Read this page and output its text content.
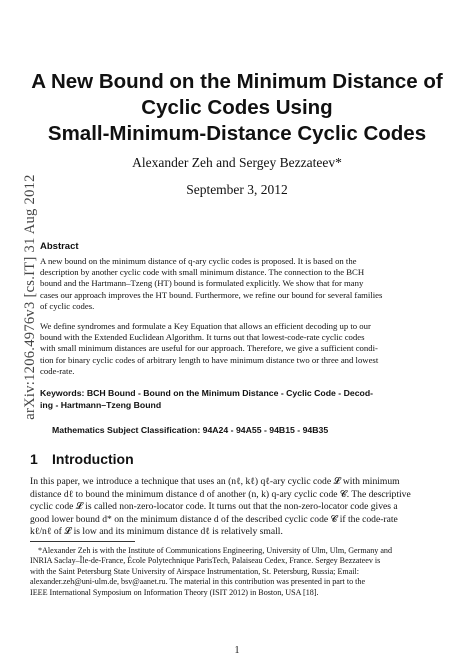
arXiv:1206.4976v3 [cs.IT] 31 Aug 2012
A New Bound on the Minimum Distance of
Cyclic Codes Using
Small-Minimum-Distance Cyclic Codes
Alexander Zeh and Sergey Bezzateev*
September 3, 2012
Abstract
A new bound on the minimum distance of q-ary cyclic codes is proposed. It is based on the
description by another cyclic code with small minimum distance. The connection to the BCH
bound and the Hartmann–Tzeng (HT) bound is formulated explicitly. We show that for many
cases our approach improves the HT bound. Furthermore, we refine our bound for several families
of cyclic codes.
We define syndromes and formulate a Key Equation that allows an efficient decoding up to our
bound with the Extended Euclidean Algorithm. It turns out that lowest-code-rate cyclic codes
with small minimum distances are useful for our approach. Therefore, we give a sufficient condi-
tion for binary cyclic codes of arbitrary length to have minimum distance two or three and lowest
code-rate.
Keywords: BCH Bound - Bound on the Minimum Distance - Cyclic Code - Decod-
ing - Hartmann–Tzeng Bound
Mathematics Subject Classification: 94A24 - 94A55 - 94B15 - 94B35
1 Introduction
In this paper, we introduce a technique that uses an (nℓ, kℓ) qℓ-ary cyclic code 𝓛 with minimum
distance dℓ to bound the minimum distance d of another (n, k) q-ary cyclic code 𝓒. The descriptive
cyclic code 𝓛 is called non-zero-locator code. It turns out that the non-zero-locator code gives a
good lower bound d* on the minimum distance d of the described cyclic code 𝓒 if the code-rate
kℓ/nℓ of 𝓛 is low and its minimum distance dℓ is relatively small.
*Alexander Zeh is with the Institute of Communications Engineering, University of Ulm, Ulm, Germany and
INRIA Saclay–Île-de-France, École Polytechnique ParisTech, Palaiseau Cedex, France. Sergey Bezzateev is
with the Saint Petersburg State University of Airspace Instrumentation, St. Petersburg, Russia; Email:
alexander.zeh@uni-ulm.de, bsv@aanet.ru. The material in this contribution was presented in part to the
IEEE International Symposium on Information Theory (ISIT 2012) in Boston, USA [18].
1
